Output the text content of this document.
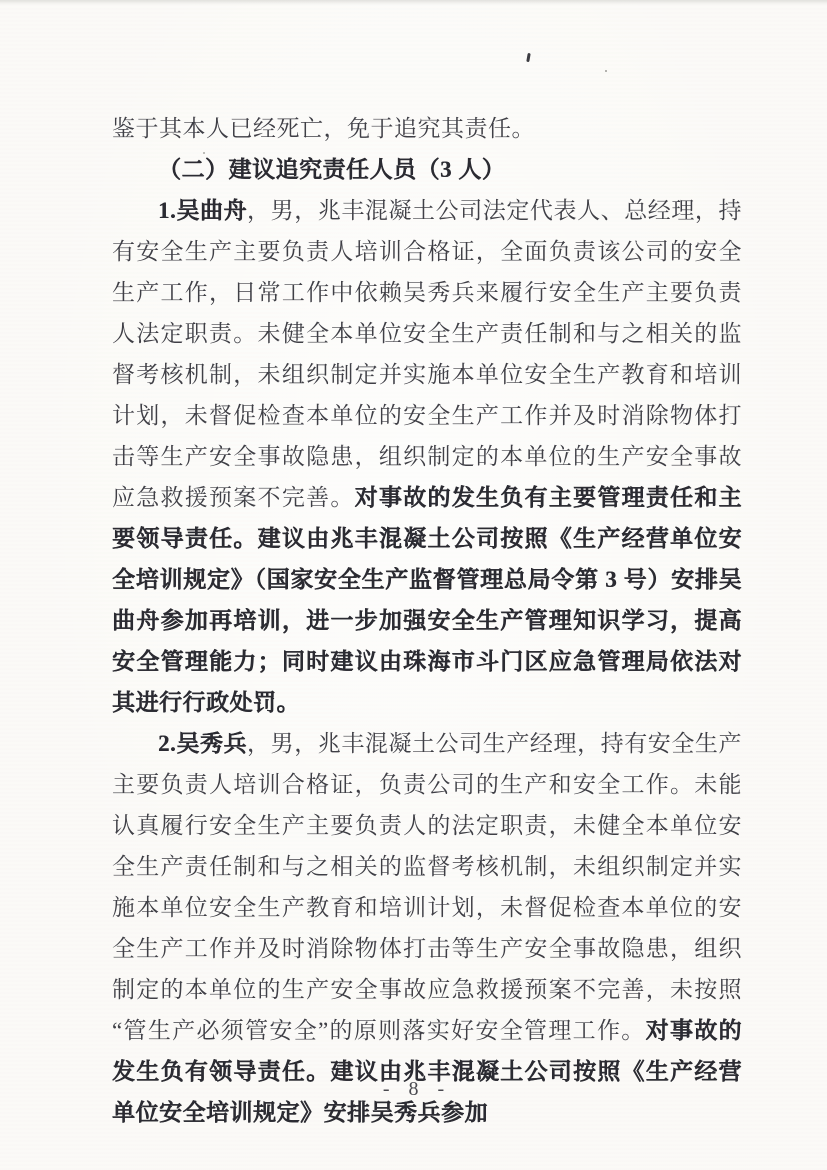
鉴于其本人已经死亡，免于追究其责任。

（二）建议追究责任人员（3 人）

1.吴曲舟，男，兆丰混凝土公司法定代表人、总经理，持有安全生产主要负责人培训合格证，全面负责该公司的安全生产工作，日常工作中依赖吴秀兵来履行安全生产主要负责人法定职责。未健全本单位安全生产责任制和与之相关的监督考核机制，未组织制定并实施本单位安全生产教育和培训计划，未督促检查本单位的安全生产工作并及时消除物体打击等生产安全事故隐患，组织制定的本单位的生产安全事故应急救援预案不完善。对事故的发生负有主要管理责任和主要领导责任。建议由兆丰混凝土公司按照《生产经营单位安全培训规定》（国家安全生产监督管理总局令第 3 号）安排吴曲舟参加再培训，进一步加强安全生产管理知识学习，提高安全管理能力；同时建议由珠海市斗门区应急管理局依法对其进行行政处罚。

2.吴秀兵，男，兆丰混凝土公司生产经理，持有安全生产主要负责人培训合格证，负责公司的生产和安全工作。未能认真履行安全生产主要负责人的法定职责，未健全本单位安全生产责任制和与之相关的监督考核机制，未组织制定并实施本单位安全生产教育和培训计划，未督促检查本单位的安全生产工作并及时消除物体打击等生产安全事故隐患，组织制定的本单位的生产安全事故应急救援预案不完善，未按照“管生产必须管安全”的原则落实好安全管理工作。对事故的发生负有领导责任。建议由兆丰混凝土公司按照《生产经营单位安全培训规定》安排吴秀兵参加

- 8 -
